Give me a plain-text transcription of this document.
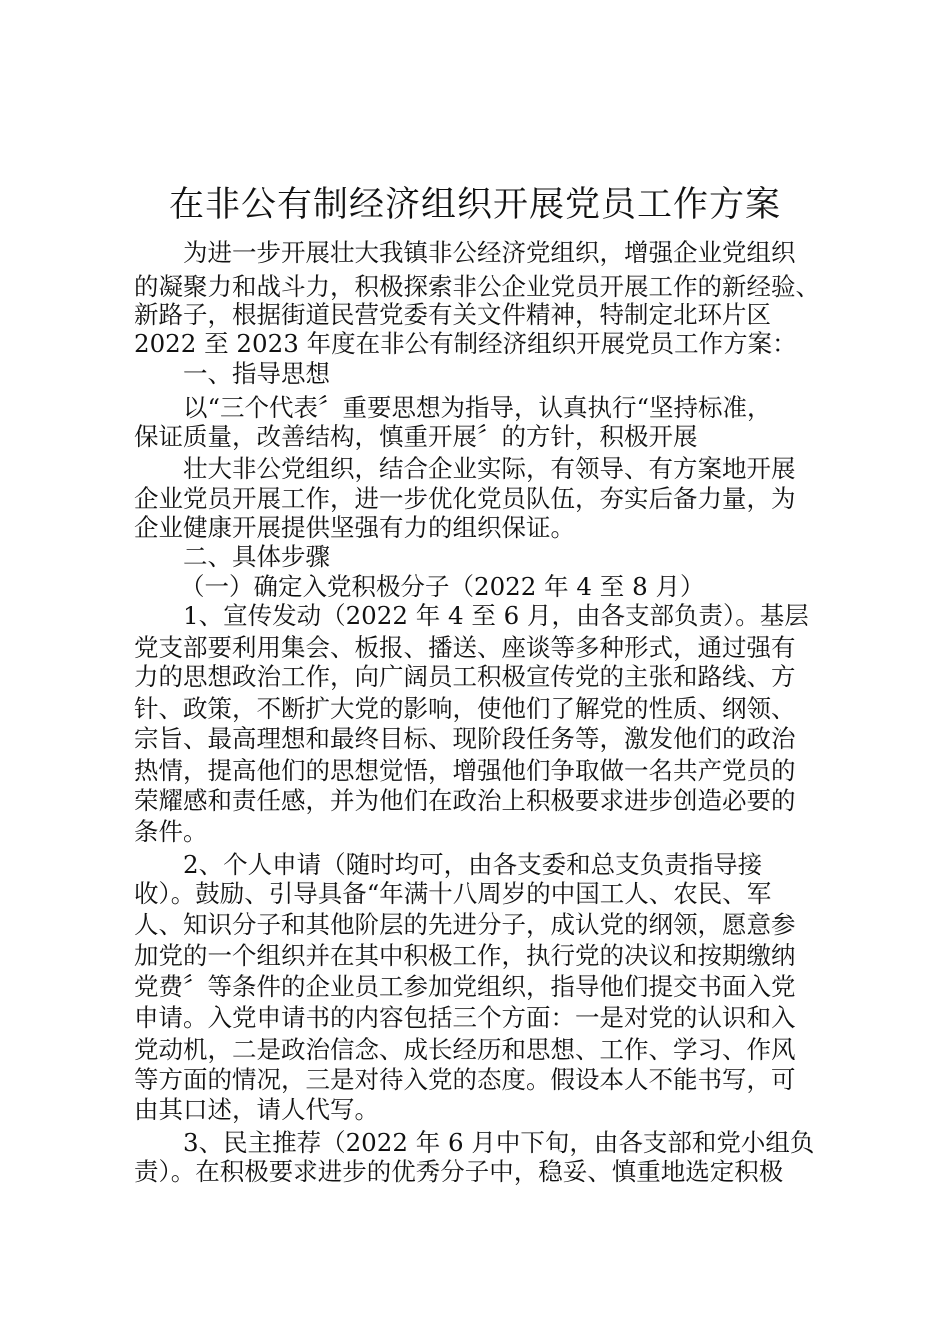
在非公有制经济组织开展党员工作方案
为进一步开展壮大我镇非公经济党组织，增强企业党组织
的凝聚力和战斗力，积极探索非公企业党员开展工作的新经验、
新路子，根据街道民营党委有关文件精神，特制定北环片区
2022 至 2023 年度在非公有制经济组织开展党员工作方案：
一、指导思想
以“三个代表〞重要思想为指导，认真执行“坚持标准，
保证质量，改善结构，慎重开展〞的方针，积极开展
壮大非公党组织，结合企业实际，有领导、有方案地开展
企业党员开展工作，进一步优化党员队伍，夯实后备力量，为
企业健康开展提供坚强有力的组织保证。
二、具体步骤
（一）确定入党积极分子（2022 年 4 至 8 月）
1、宣传发动（2022 年 4 至 6 月，由各支部负责）。基层
党支部要利用集会、板报、播送、座谈等多种形式，通过强有
力的思想政治工作，向广阔员工积极宣传党的主张和路线、方
针、政策，不断扩大党的影响，使他们了解党的性质、纲领、
宗旨、最高理想和最终目标、现阶段任务等，激发他们的政治
热情，提高他们的思想觉悟，增强他们争取做一名共产党员的
荣耀感和责任感，并为他们在政治上积极要求进步创造必要的
条件。
2、个人申请（随时均可，由各支委和总支负责指导接
收）。鼓励、引导具备“年满十八周岁的中国工人、农民、军
人、知识分子和其他阶层的先进分子，成认党的纲领，愿意参
加党的一个组织并在其中积极工作，执行党的决议和按期缴纳
党费〞等条件的企业员工参加党组织，指导他们提交书面入党
申请。入党申请书的内容包括三个方面：一是对党的认识和入
党动机，二是政治信念、成长经历和思想、工作、学习、作风
等方面的情况，三是对待入党的态度。假设本人不能书写，可
由其口述，请人代写。
3、民主推荐（2022 年 6 月中下旬，由各支部和党小组负
责）。在积极要求进步的优秀分子中，稳妥、慎重地选定积极
